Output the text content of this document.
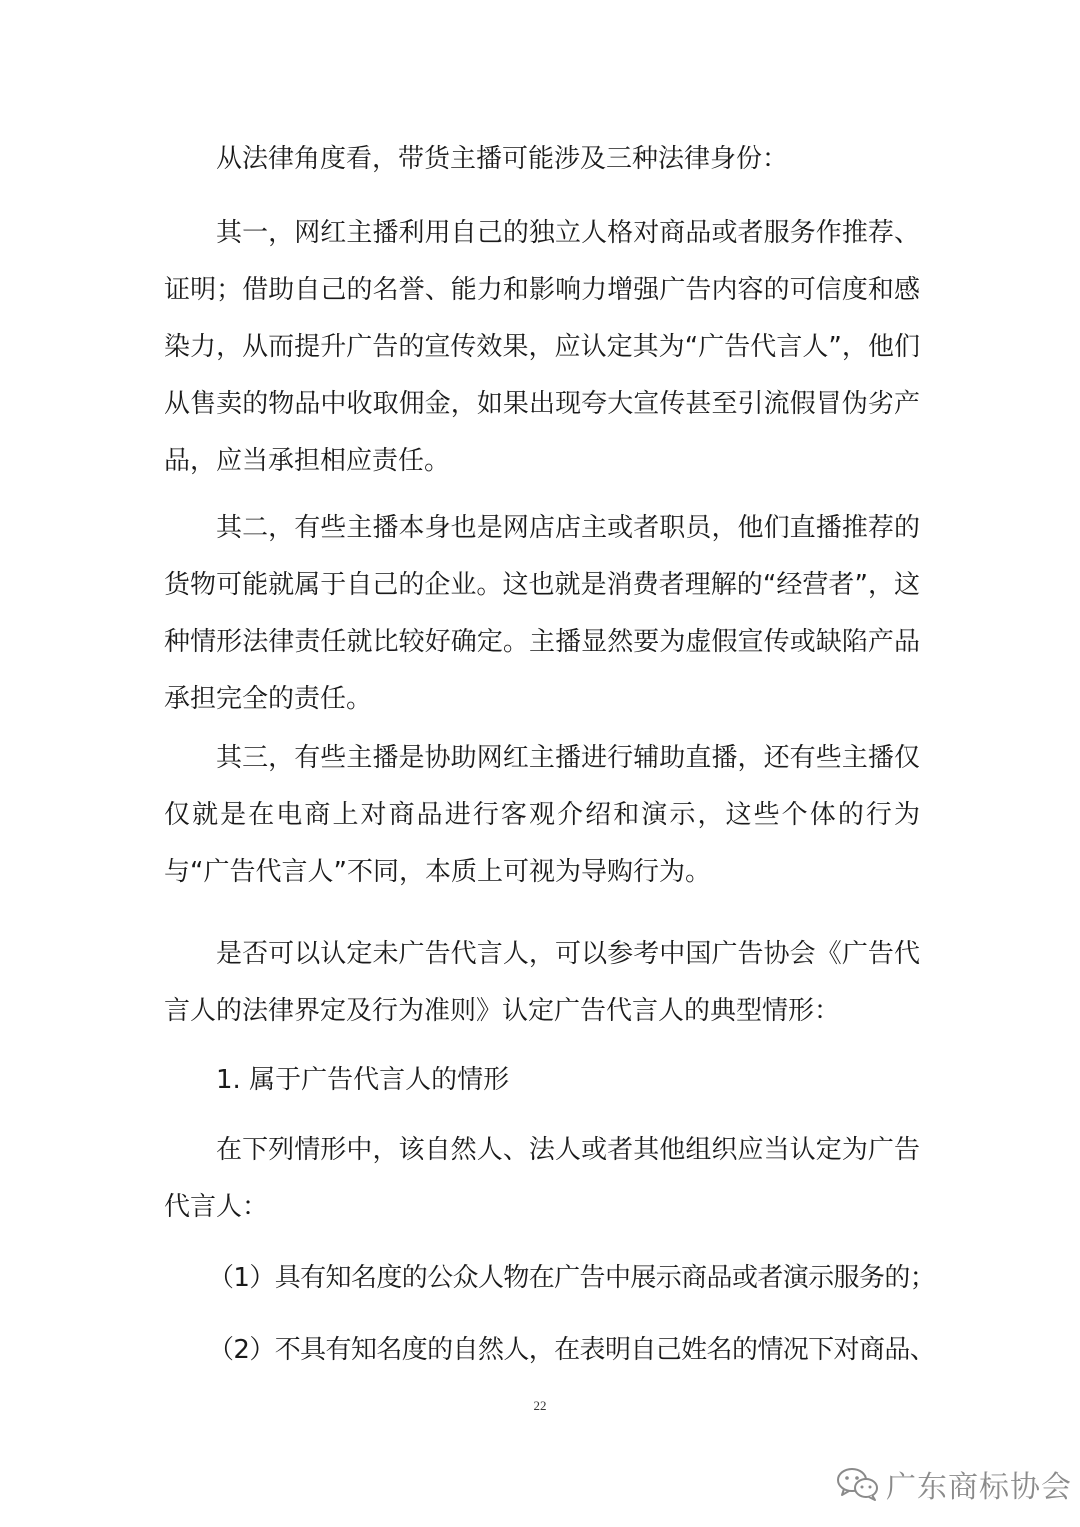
从法律角度看，带货主播可能涉及三种法律身份：

其一，网红主播利用自己的独立人格对商品或者服务作推荐、证明；借助自己的名誉、能力和影响力增强广告内容的可信度和感染力，从而提升广告的宣传效果，应认定其为“广告代言人”，他们从售卖的物品中收取佣金，如果出现夸大宣传甚至引流假冒伪劣产品，应当承担相应责任。

其二，有些主播本身也是网店店主或者职员，他们直播推荐的货物可能就属于自己的企业。这也就是消费者理解的“经营者”，这种情形法律责任就比较好确定。主播显然要为虚假宣传或缺陷产品承担完全的责任。

其三，有些主播是协助网红主播进行辅助直播，还有些主播仅仅就是在电商上对商品进行客观介绍和演示，这些个体的行为与“广告代言人”不同，本质上可视为导购行为。

是否可以认定未广告代言人，可以参考中国广告协会《广告代言人的法律界定及行为准则》认定广告代言人的典型情形：

1. 属于广告代言人的情形

在下列情形中，该自然人、法人或者其他组织应当认定为广告代言人：

（1）具有知名度的公众人物在广告中展示商品或者演示服务的；

（2）不具有知名度的自然人，在表明自己姓名的情况下对商品、

22
广东商标协会
